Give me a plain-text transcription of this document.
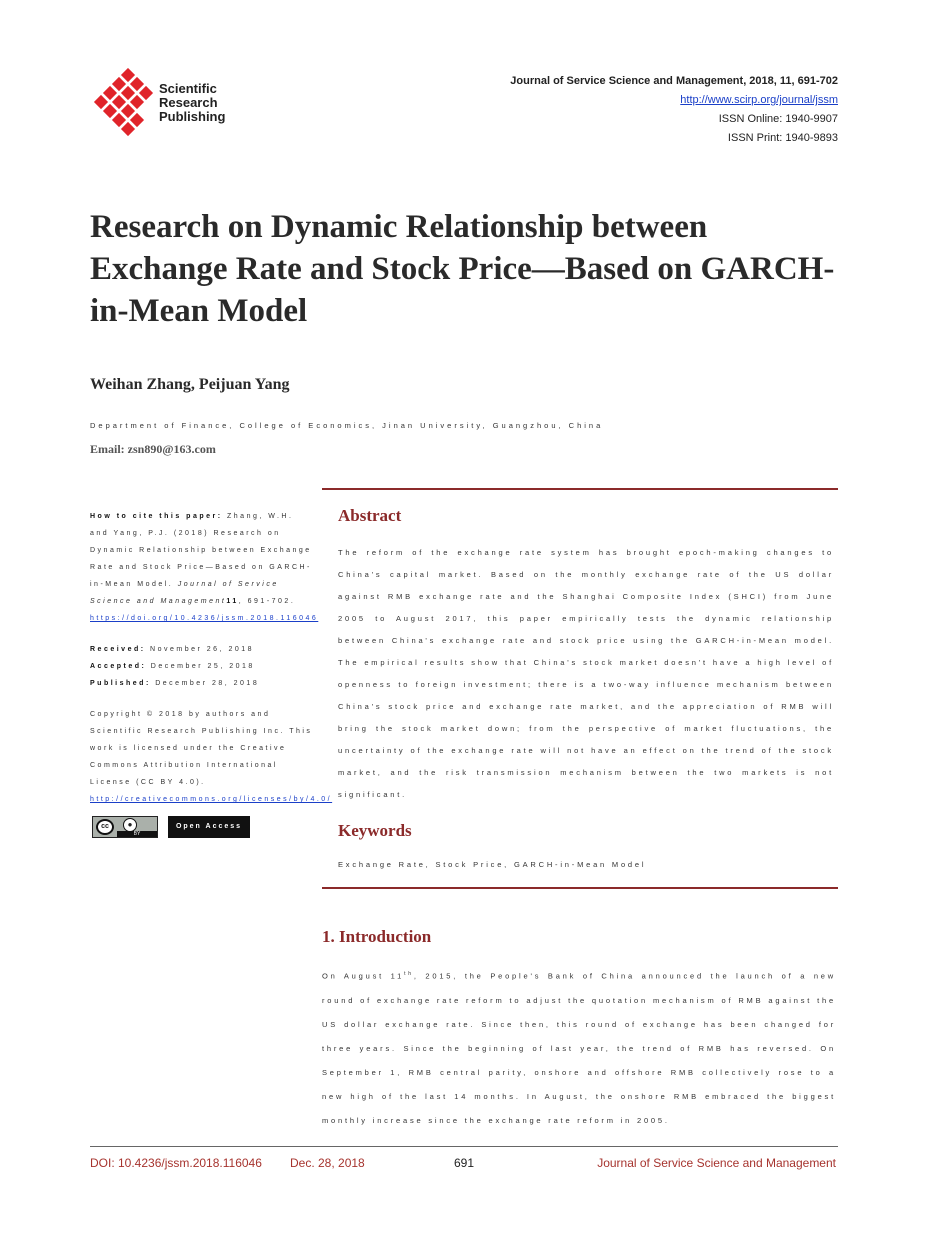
Scientific
Research
Publishing
Journal of Service Science and Management, 2018, 11, 691-702
http://www.scirp.org/journal/jssm
ISSN Online: 1940-9907
ISSN Print: 1940-9893
Research on Dynamic Relationship between Exchange Rate and Stock Price—Based on GARCH-in-Mean Model
Weihan Zhang, Peijuan Yang
Department of Finance, College of Economics, Jinan University, Guangzhou, China
Email: zsn890@163.com
How to cite this paper: Zhang, W.H. and Yang, P.J. (2018) Research on Dynamic Relationship between Exchange Rate and Stock Price—Based on GARCH-in-Mean Model. Journal of Service Science and Management11, 691-702.
https://doi.org/10.4236/jssm.2018.116046
Received: November 26, 2018
Accepted: December 25, 2018
Published: December 28, 2018
Copyright © 2018 by authors and Scientific Research Publishing Inc. This work is licensed under the Creative Commons Attribution International License (CC BY 4.0).
http://creativecommons.org/licenses/by/4.0/
cc	●
BY
Open Access
Abstract
The reform of the exchange rate system has brought epoch-making changes to China's capital market. Based on the monthly exchange rate of the US dollar against RMB exchange rate and the Shanghai Composite Index (SHCI) from June 2005 to August 2017, this paper empirically tests the dynamic relationship between China's exchange rate and stock price using the GARCH-in-Mean model. The empirical results show that China's stock market doesn't have a high level of openness to foreign investment; there is a two-way influence mechanism between China's stock price and exchange rate market, and the appreciation of RMB will bring the stock market down; from the perspective of market fluctuations, the uncertainty of the exchange rate will not have an effect on the trend of the stock market, and the risk transmission mechanism between the two markets is not significant.
Keywords
Exchange Rate, Stock Price, GARCH-in-Mean Model
1. Introduction
On August 11th, 2015, the People's Bank of China announced the launch of a new round of exchange rate reform to adjust the quotation mechanism of RMB against the US dollar exchange rate. Since then, this round of exchange has been changed for three years. Since the beginning of last year, the trend of RMB has reversed. On September 1, RMB central parity, onshore and offshore RMB collectively rose to a new high of the last 14 months. In August, the onshore RMB embraced the biggest monthly increase since the exchange rate reform in 2005.
DOI: 10.4236/jssm.2018.116046 Dec. 28, 2018	691	Journal of Service Science and Management
